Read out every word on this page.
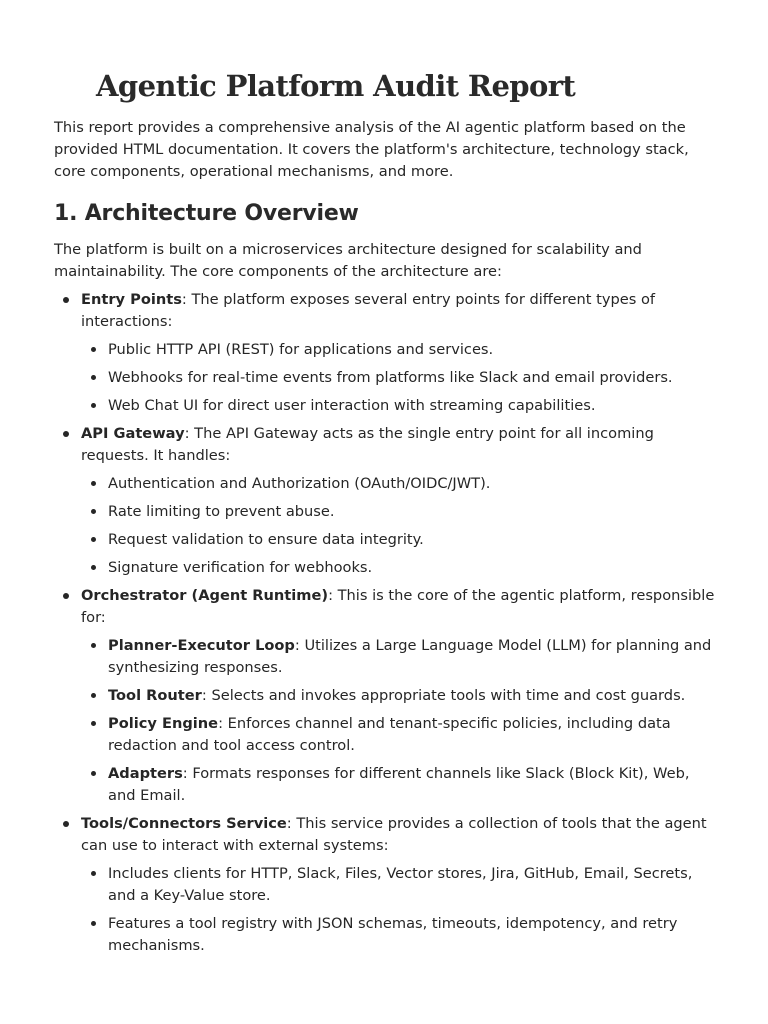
Agentic Platform Audit Report

This report provides a comprehensive analysis of the AI agentic platform based on the provided HTML documentation. It covers the platform's architecture, technology stack, core components, operational mechanisms, and more.

1. Architecture Overview

The platform is built on a microservices architecture designed for scalability and maintainability. The core components of the architecture are:

Entry Points: The platform exposes several entry points for different types of interactions:
Public HTTP API (REST) for applications and services.
Webhooks for real-time events from platforms like Slack and email providers.
Web Chat UI for direct user interaction with streaming capabilities.
API Gateway: The API Gateway acts as the single entry point for all incoming requests. It handles:
Authentication and Authorization (OAuth/OIDC/JWT).
Rate limiting to prevent abuse.
Request validation to ensure data integrity.
Signature verification for webhooks.
Orchestrator (Agent Runtime): This is the core of the agentic platform, responsible for:
Planner-Executor Loop: Utilizes a Large Language Model (LLM) for planning and synthesizing responses.
Tool Router: Selects and invokes appropriate tools with time and cost guards.
Policy Engine: Enforces channel and tenant-specific policies, including data redaction and tool access control.
Adapters: Formats responses for different channels like Slack (Block Kit), Web, and Email.
Tools/Connectors Service: This service provides a collection of tools that the agent can use to interact with external systems:
Includes clients for HTTP, Slack, Files, Vector stores, Jira, GitHub, Email, Secrets, and a Key-Value store.
Features a tool registry with JSON schemas, timeouts, idempotency, and retry mechanisms.
